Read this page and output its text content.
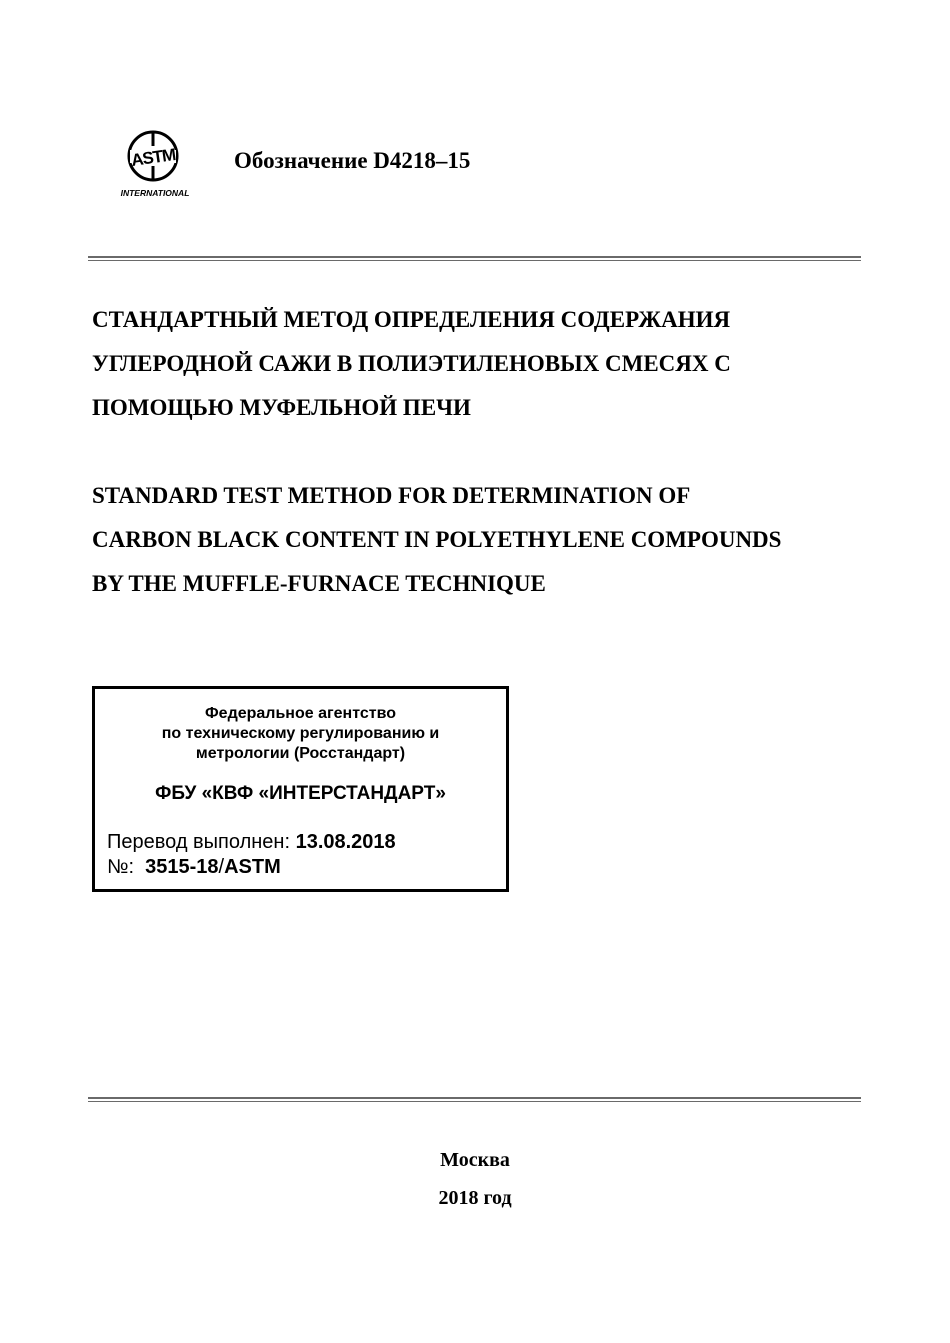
ASTM
INTERNATIONAL
Обозначение D4218–15
СТАНДАРТНЫЙ МЕТОД ОПРЕДЕЛЕНИЯ СОДЕРЖАНИЯ
УГЛЕРОДНОЙ САЖИ В ПОЛИЭТИЛЕНОВЫХ СМЕСЯХ С
ПОМОЩЬЮ МУФЕЛЬНОЙ ПЕЧИ
STANDARD TEST METHOD FOR DETERMINATION OF
CARBON BLACK CONTENT IN POLYETHYLENE COMPOUNDS
BY THE MUFFLE-FURNACE TECHNIQUE
Федеральное агентство
по техническому регулированию и
метрологии (Росстандарт)
ФБУ «КВФ «ИНТЕРСТАНДАРТ»
Перевод выполнен: 13.08.2018
№: 3515-18/ASTM
Москва
2018 год
